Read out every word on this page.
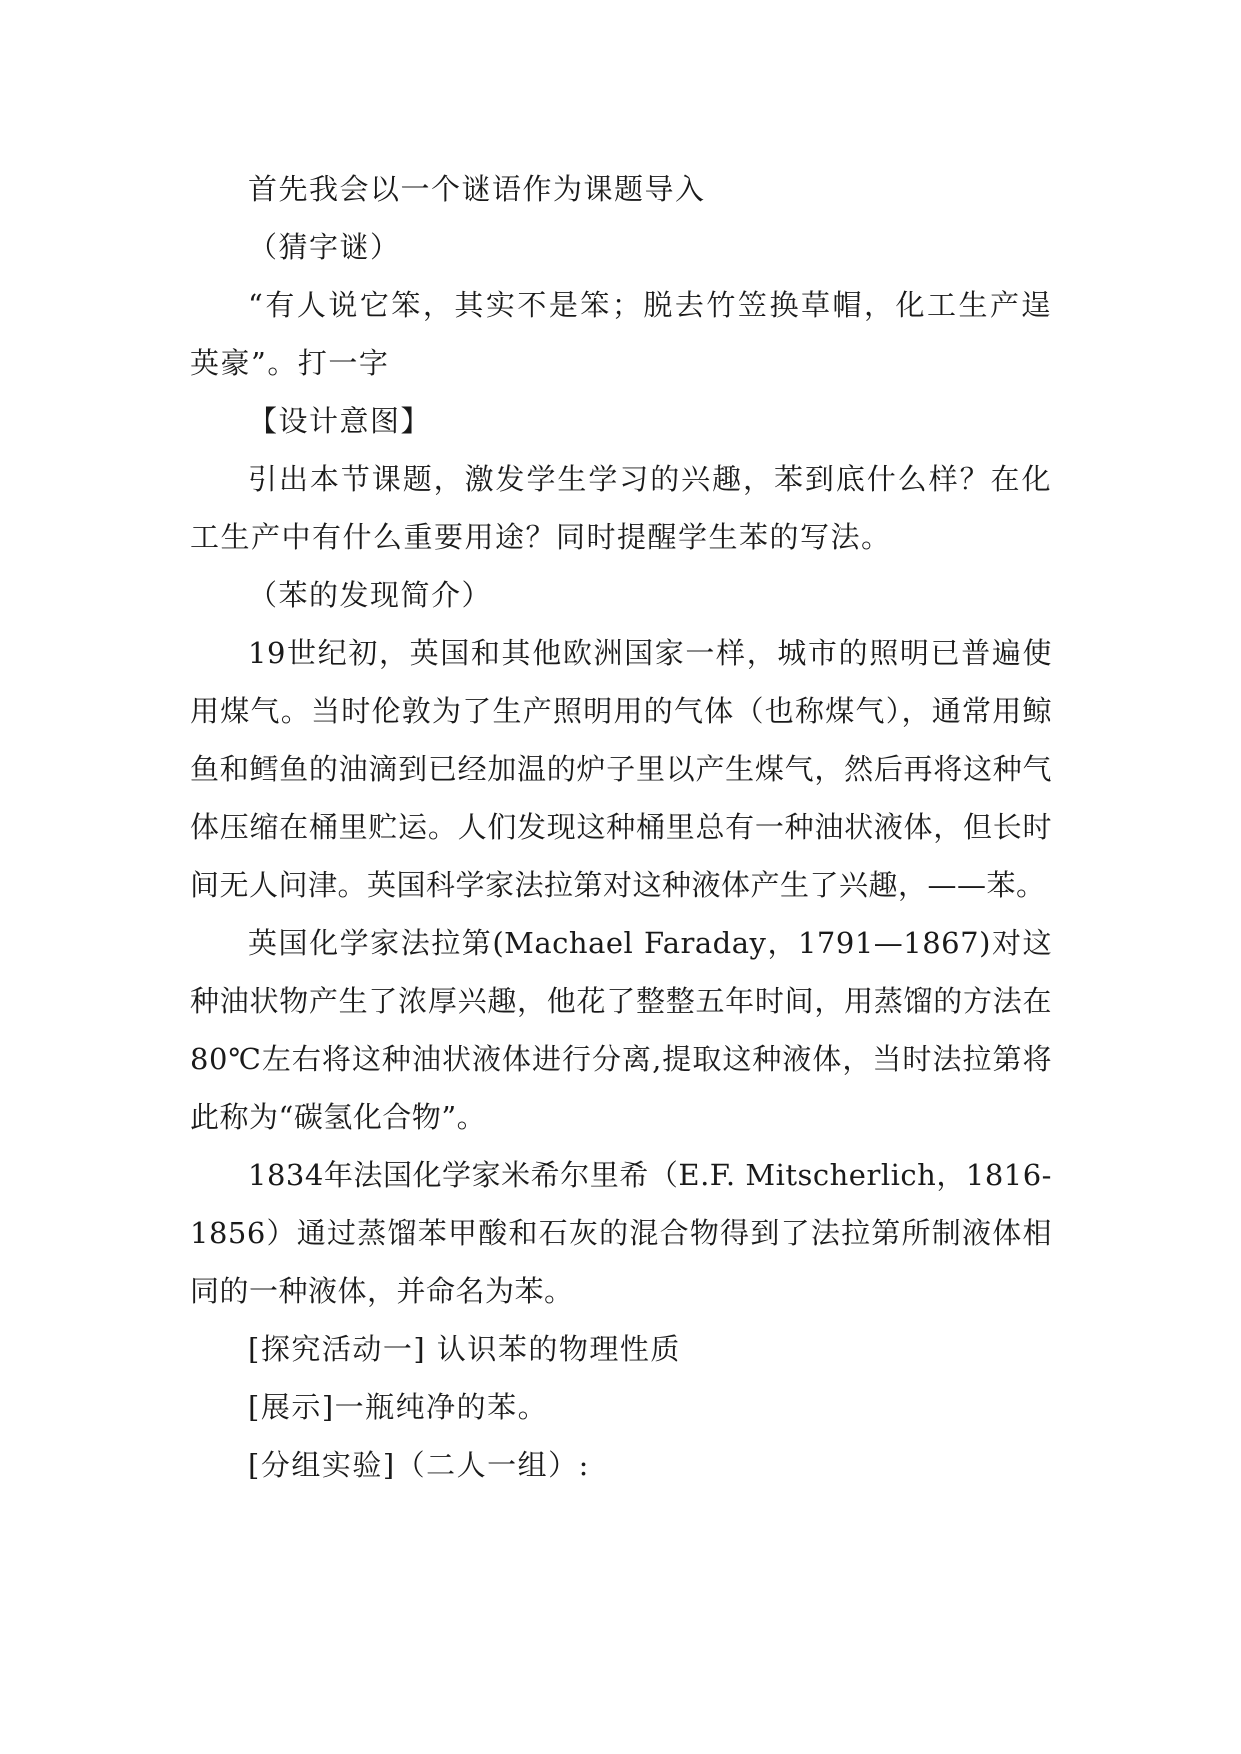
首先我会以一个谜语作为课题导入

（猜字谜）

“有人说它笨，其实不是笨；脱去竹笠换草帽，化工生产逞英豪”。打一字

【设计意图】

引出本节课题，激发学生学习的兴趣，苯到底什么样？在化工生产中有什么重要用途？同时提醒学生苯的写法。

（苯的发现简介）

19世纪初，英国和其他欧洲国家一样，城市的照明已普遍使用煤气。当时伦敦为了生产照明用的气体（也称煤气），通常用鲸鱼和鳕鱼的油滴到已经加温的炉子里以产生煤气，然后再将这种气体压缩在桶里贮运。人们发现这种桶里总有一种油状液体，但长时间无人问津。英国科学家法拉第对这种液体产生了兴趣，——苯。

英国化学家法拉第(Machael Faraday，1791—1867)对这种油状物产生了浓厚兴趣，他花了整整五年时间，用蒸馏的方法在80℃左右将这种油状液体进行分离,提取这种液体，当时法拉第将此称为“碳氢化合物”。

1834年法国化学家米希尔里希（E.F. Mitscherlich，1816-1856）通过蒸馏苯甲酸和石灰的混合物得到了法拉第所制液体相同的一种液体，并命名为苯。

[探究活动一] 认识苯的物理性质

[展示]一瓶纯净的苯。

[分组实验]（二人一组）:
